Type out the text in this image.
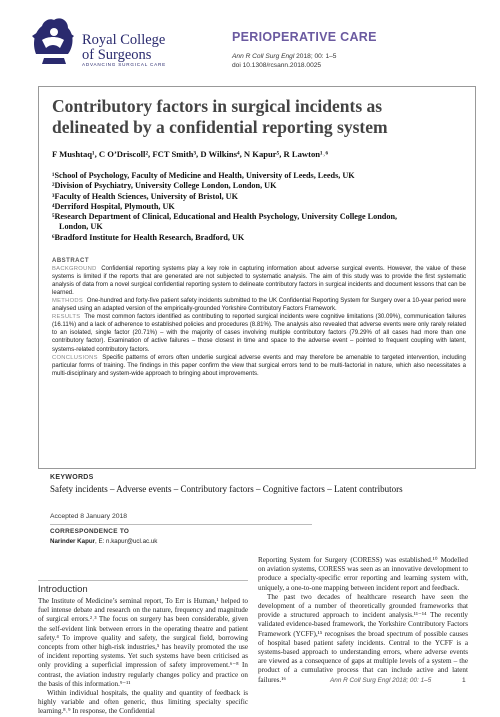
Royal College
of Surgeons
ADVANCING SURGICAL CARE
PERIOPERATIVE CARE
Ann R Coll Surg Engl 2018; 00: 1–5
doi 10.1308/rcsann.2018.0025
Contributory factors in surgical incidents as delineated by a confidential reporting system
F Mushtaq¹, C O’Driscoll², FCT Smith³, D Wilkins⁴, N Kapur⁵, R Lawton¹˒⁶
¹School of Psychology, Faculty of Medicine and Health, University of Leeds, Leeds, UK
²Division of Psychiatry, University College London, London, UK
³Faculty of Health Sciences, University of Bristol, UK
⁴Derriford Hospital, Plymouth, UK
⁵Research Department of Clinical, Educational and Health Psychology, University College London,
London, UK
⁶Bradford Institute for Health Research, Bradford, UK
ABSTRACT
BACKGROUND Confidential reporting systems play a key role in capturing information about adverse surgical events. However, the value of these systems is limited if the reports that are generated are not subjected to systematic analysis. The aim of this study was to provide the first systematic analysis of data from a novel surgical confidential reporting system to delineate contributory factors in surgical incidents and document lessons that can be learned.
METHODS One-hundred and forty-five patient safety incidents submitted to the UK Confidential Reporting System for Surgery over a 10-year period were analysed using an adapted version of the empirically-grounded Yorkshire Contributory Factors Framework.
RESULTS The most common factors identified as contributing to reported surgical incidents were cognitive limitations (30.09%), communication failures (16.11%) and a lack of adherence to established policies and procedures (8.81%). The analysis also revealed that adverse events were only rarely related to an isolated, single factor (20.71%) – with the majority of cases involving multiple contributory factors (79.29% of all cases had more than one contributory factor). Examination of active failures – those closest in time and space to the adverse event – pointed to frequent coupling with latent, systems-related contributory factors.
CONCLUSIONS Specific patterns of errors often underlie surgical adverse events and may therefore be amenable to targeted intervention, including particular forms of training. The findings in this paper confirm the view that surgical errors tend to be multi-factorial in nature, which also necessitates a multi-disciplinary and system-wide approach to bringing about improvements.
KEYWORDS
Safety incidents – Adverse events – Contributory factors – Cognitive factors – Latent contributors
Accepted 8 January 2018
CORRESPONDENCE TO
Narinder Kapur, E: n.kapur@ucl.ac.uk
Introduction

The Institute of Medicine’s seminal report, To Err is Human,¹ helped to fuel intense debate and research on the nature, frequency and magnitude of surgical errors.²˒³ The focus on surgery has been considerable, given the self-evident link between errors in the operating theatre and patient safety.⁴ To improve quality and safety, the surgical field, borrowing concepts from other high-risk industries,⁵ has heavily promoted the use of incident reporting systems. Yet such systems have been criticised as only providing a superficial impression of safety improvement.⁶⁻⁸ In contrast, the aviation industry regularly changes policy and practice on the basis of this information.⁹⁻¹¹

Within individual hospitals, the quality and quantity of feedback is highly variable and often generic, thus limiting specialty specific learning.⁸˒⁹ In response, the Confidential

Reporting System for Surgery (CORESS) was established.¹⁰ Modelled on aviation systems, CORESS was seen as an innovative development to produce a specialty-specific error reporting and learning system with, uniquely, a one-to-one mapping between incident report and feedback.

The past two decades of healthcare research have seen the development of a number of theoretically grounded frameworks that provide a structured approach to incident analysis.¹¹⁻¹⁴ The recently validated evidence-based framework, the Yorkshire Contributory Factors Framework (YCFF),¹⁵ recognises the broad spectrum of possible causes of hospital based patient safety incidents. Central to the YCFF is a systems-based approach to understanding errors, where adverse events are viewed as a consequence of gaps at multiple levels of a system – the product of a cumulative process that can include active and latent failures.¹⁶	Ann R Coll Surg Engl 2018; 00: 1–5	1
